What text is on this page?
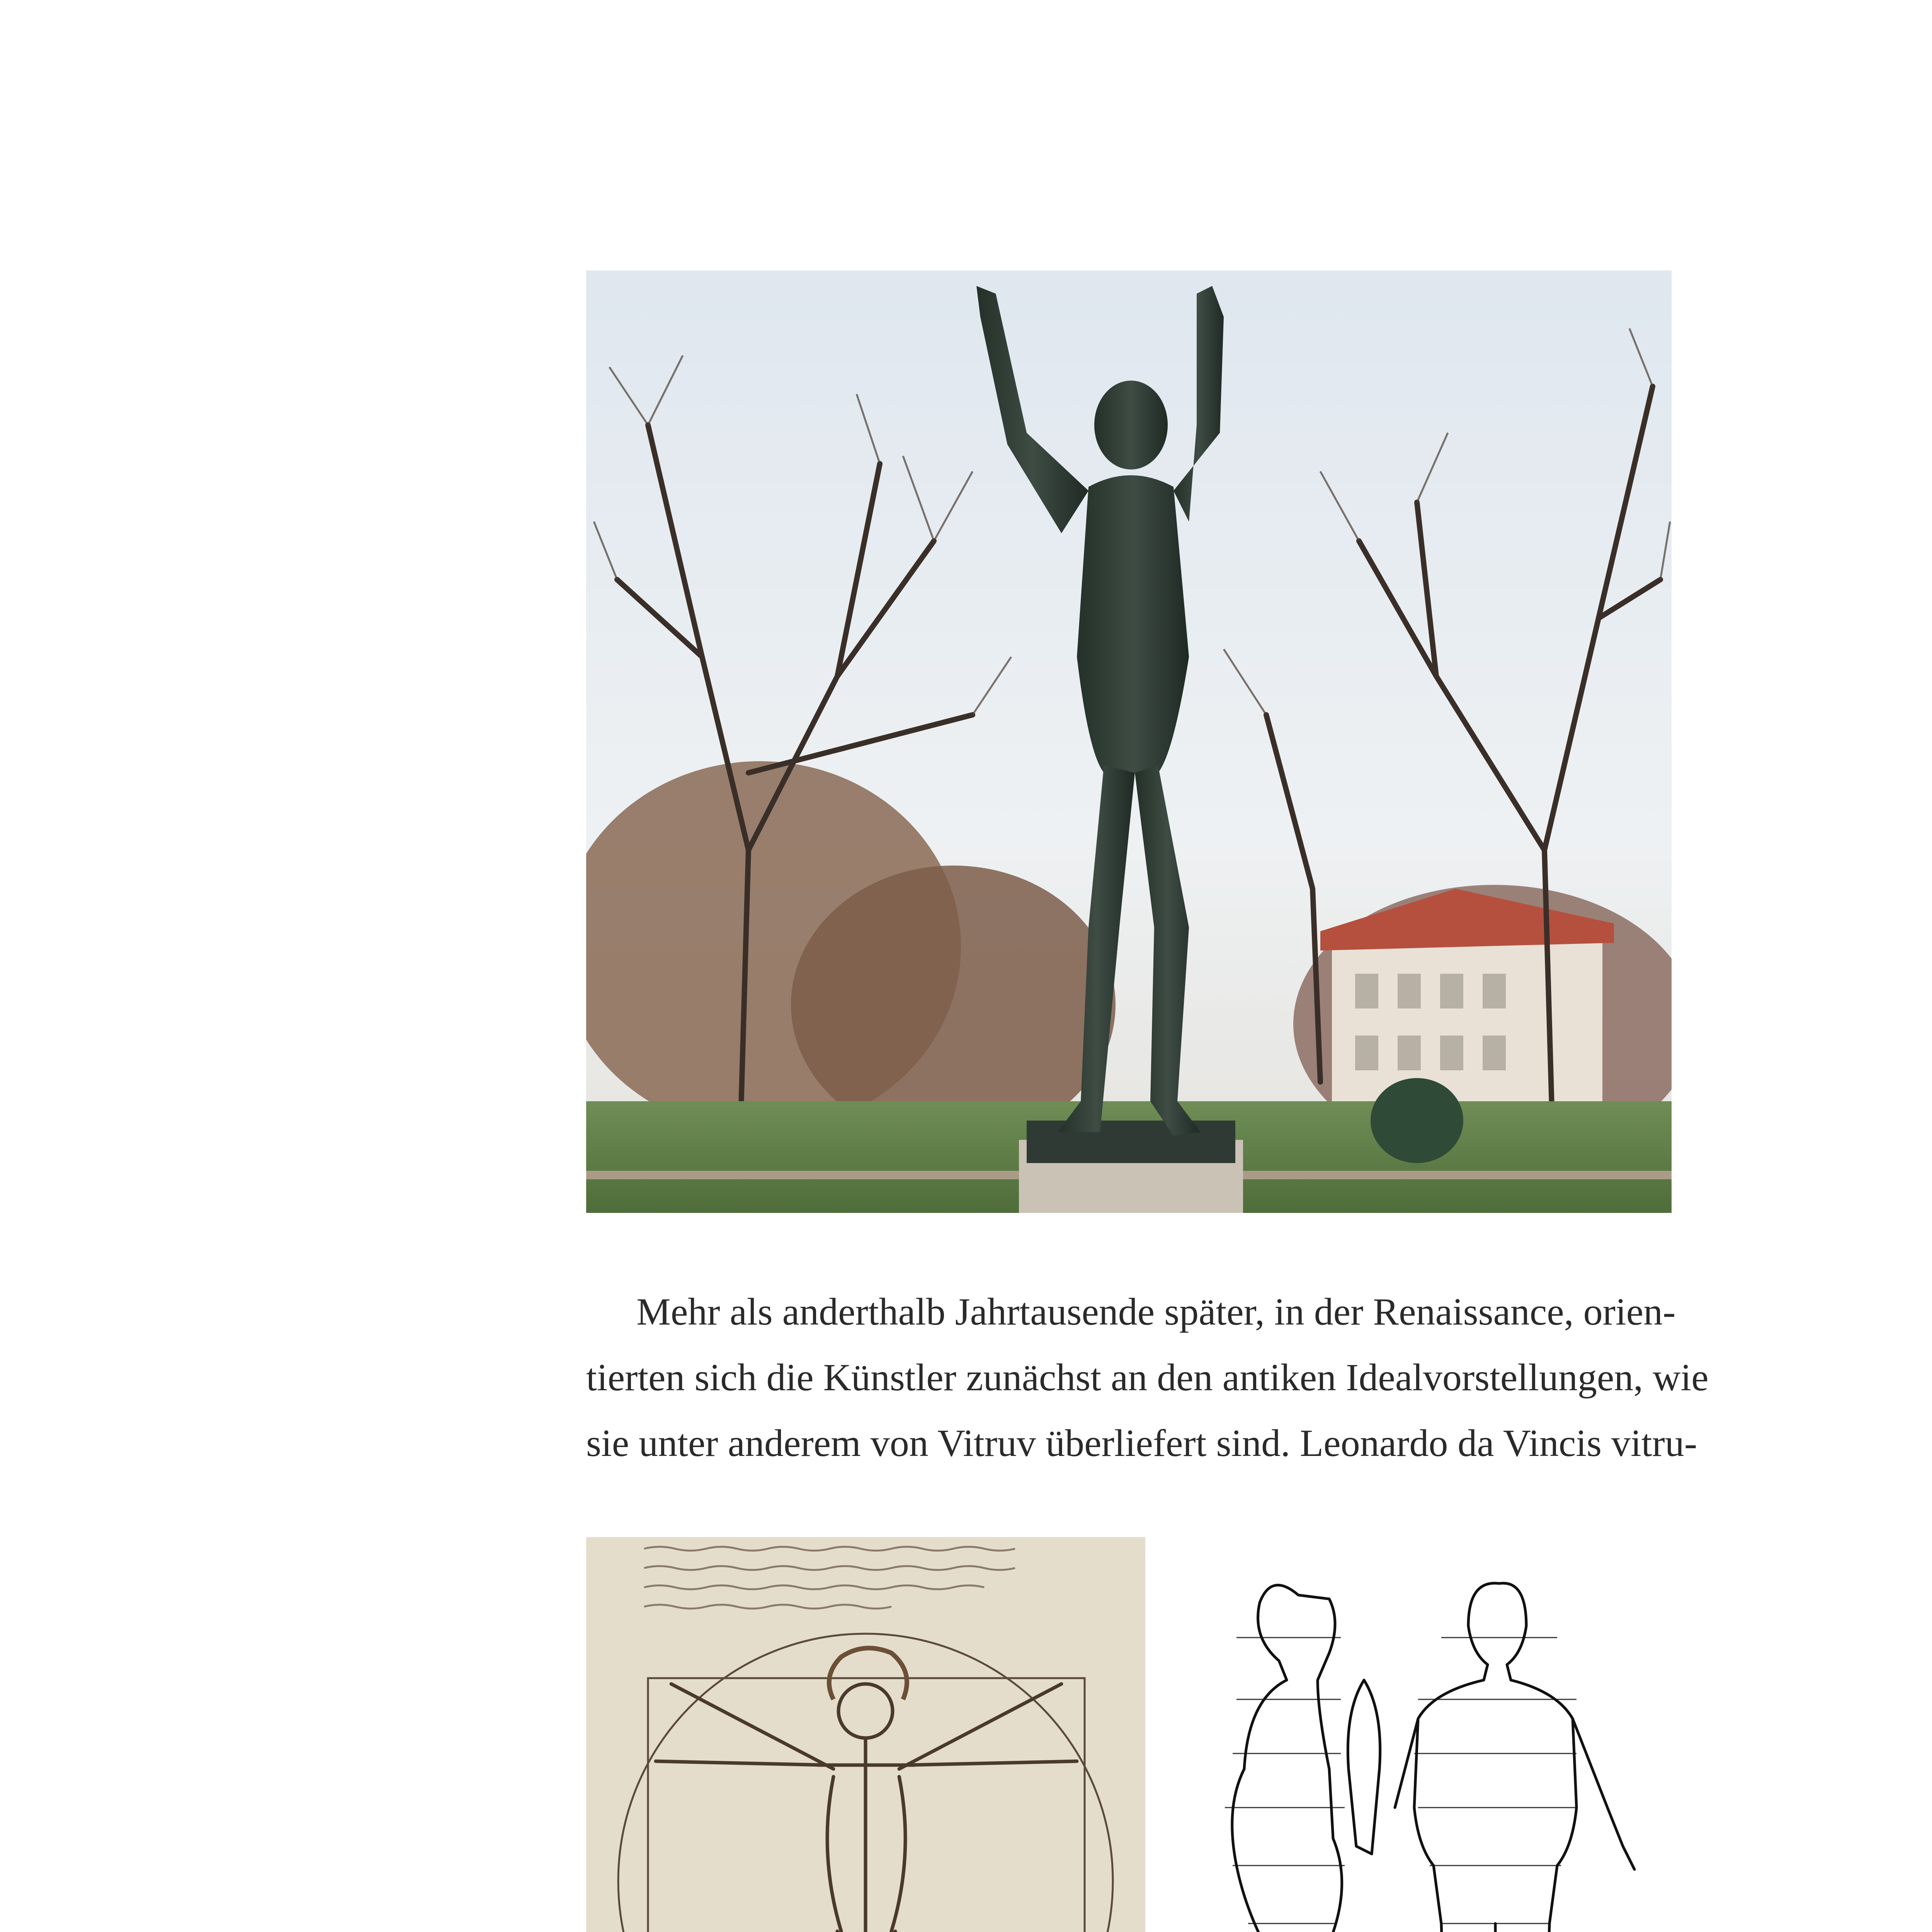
Mehr als anderthalb Jahrtausende später, in der Renaissance, orien-
tierten sich die Künstler zunächst an den antiken Idealvorstellungen, wie
sie unter anderem von Vitruv überliefert sind. Leonardo da Vincis vitru-
